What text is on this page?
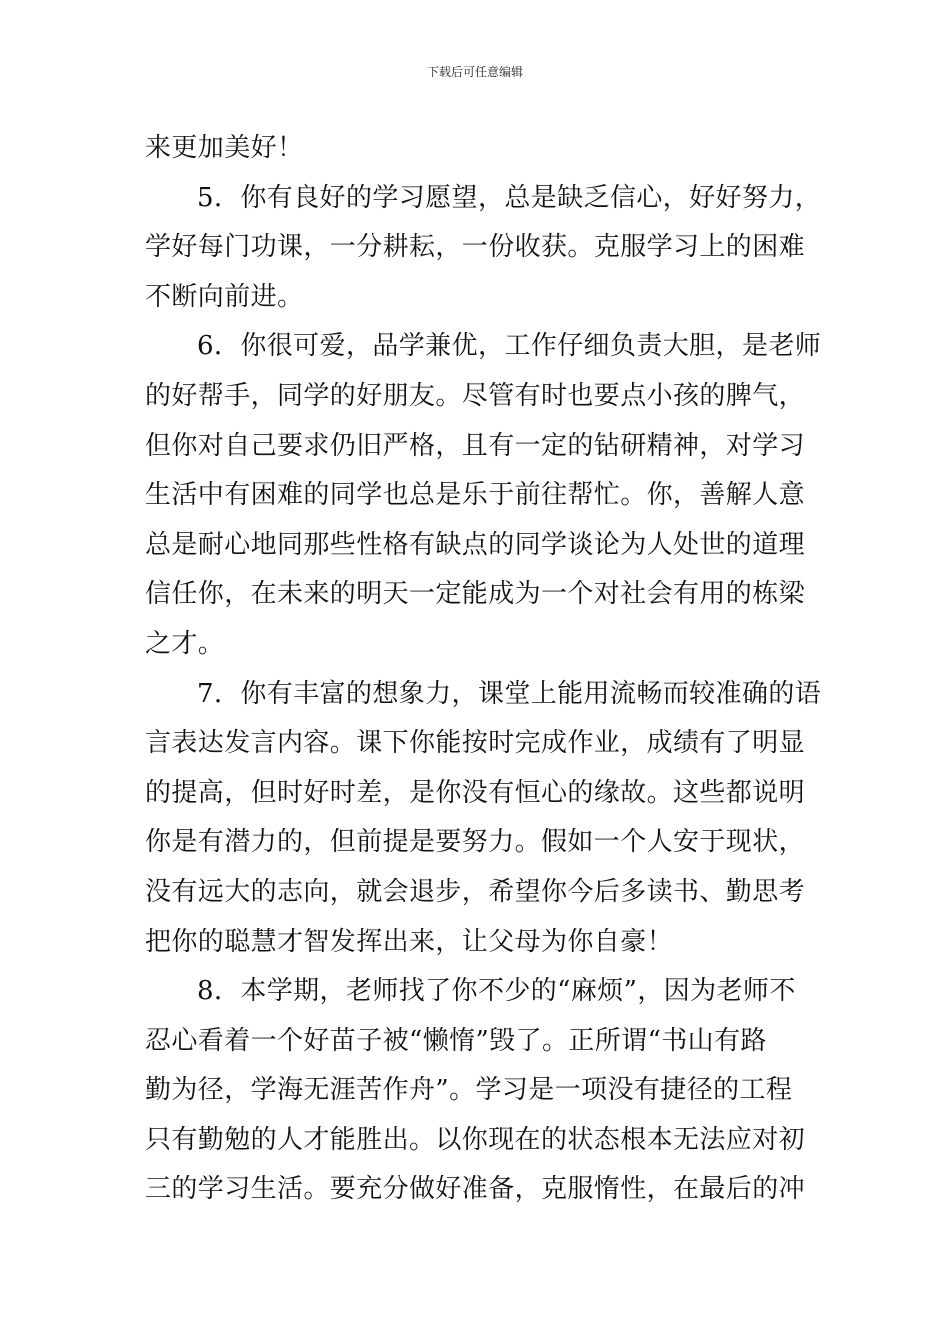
下载后可任意编辑
来更加美好！
5．你有良好的学习愿望，总是缺乏信心，好好努力，
学好每门功课，一分耕耘，一份收获。克服学习上的困难
不断向前进。
6．你很可爱，品学兼优，工作仔细负责大胆，是老师
的好帮手，同学的好朋友。尽管有时也要点小孩的脾气，
但你对自己要求仍旧严格，且有一定的钻研精神，对学习
生活中有困难的同学也总是乐于前往帮忙。你，善解人意
总是耐心地同那些性格有缺点的同学谈论为人处世的道理
信任你，在未来的明天一定能成为一个对社会有用的栋梁
之才。
7．你有丰富的想象力，课堂上能用流畅而较准确的语
言表达发言内容。课下你能按时完成作业，成绩有了明显
的提高，但时好时差，是你没有恒心的缘故。这些都说明
你是有潜力的，但前提是要努力。假如一个人安于现状，
没有远大的志向，就会退步，希望你今后多读书、勤思考
把你的聪慧才智发挥出来，让父母为你自豪！
8．本学期，老师找了你不少的“麻烦”，因为老师不
忍心看着一个好苗子被“懒惰”毁了。正所谓“书山有路
勤为径，学海无涯苦作舟”。学习是一项没有捷径的工程
只有勤勉的人才能胜出。以你现在的状态根本无法应对初
三的学习生活。要充分做好准备，克服惰性，在最后的冲
